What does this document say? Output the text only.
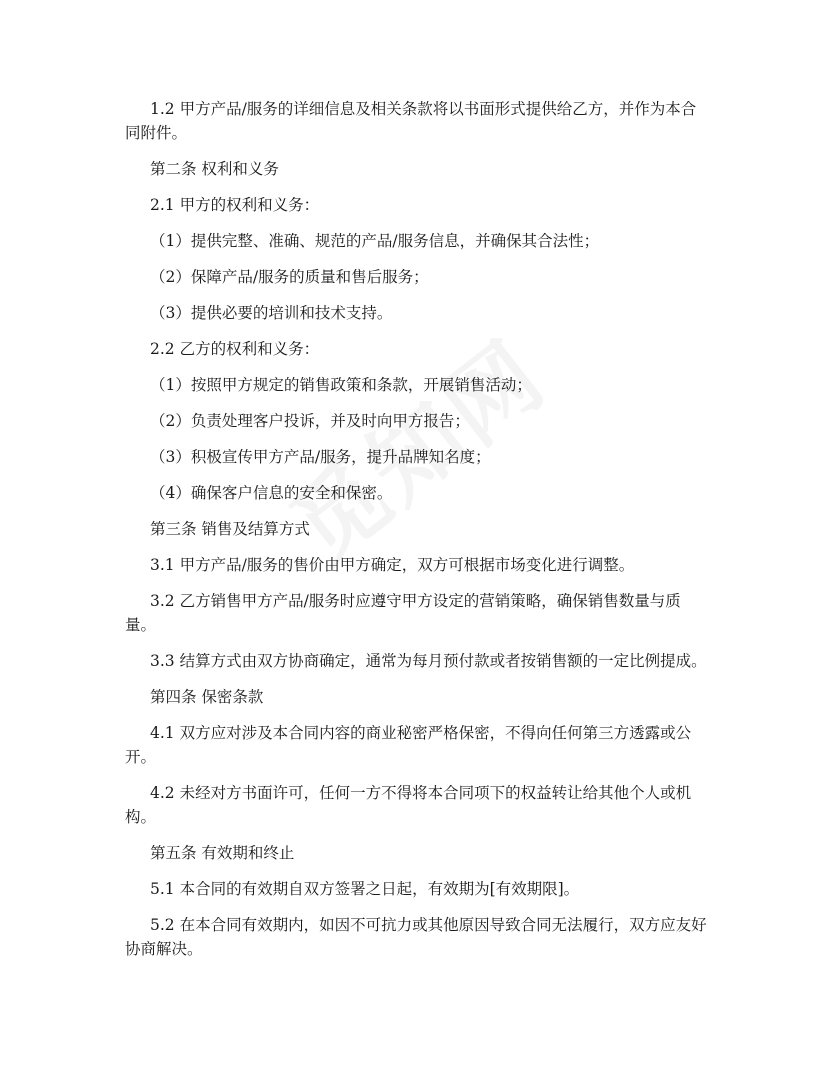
1.2 甲方产品/服务的详细信息及相关条款将以书面形式提供给乙方，并作为本合同附件。

第二条 权利和义务

2.1 甲方的权利和义务：

（1）提供完整、准确、规范的产品/服务信息，并确保其合法性；

（2）保障产品/服务的质量和售后服务；

（3）提供必要的培训和技术支持。

2.2 乙方的权利和义务：

（1）按照甲方规定的销售政策和条款，开展销售活动；

（2）负责处理客户投诉，并及时向甲方报告；

（3）积极宣传甲方产品/服务，提升品牌知名度；

（4）确保客户信息的安全和保密。

第三条 销售及结算方式

3.1 甲方产品/服务的售价由甲方确定，双方可根据市场变化进行调整。

3.2 乙方销售甲方产品/服务时应遵守甲方设定的营销策略，确保销售数量与质量。

3.3 结算方式由双方协商确定，通常为每月预付款或者按销售额的一定比例提成。

第四条 保密条款

4.1 双方应对涉及本合同内容的商业秘密严格保密，不得向任何第三方透露或公开。

4.2 未经对方书面许可，任何一方不得将本合同项下的权益转让给其他个人或机构。

第五条 有效期和终止

5.1 本合同的有效期自双方签署之日起，有效期为[有效期限]。

5.2 在本合同有效期内，如因不可抗力或其他原因导致合同无法履行，双方应友好协商解决。
